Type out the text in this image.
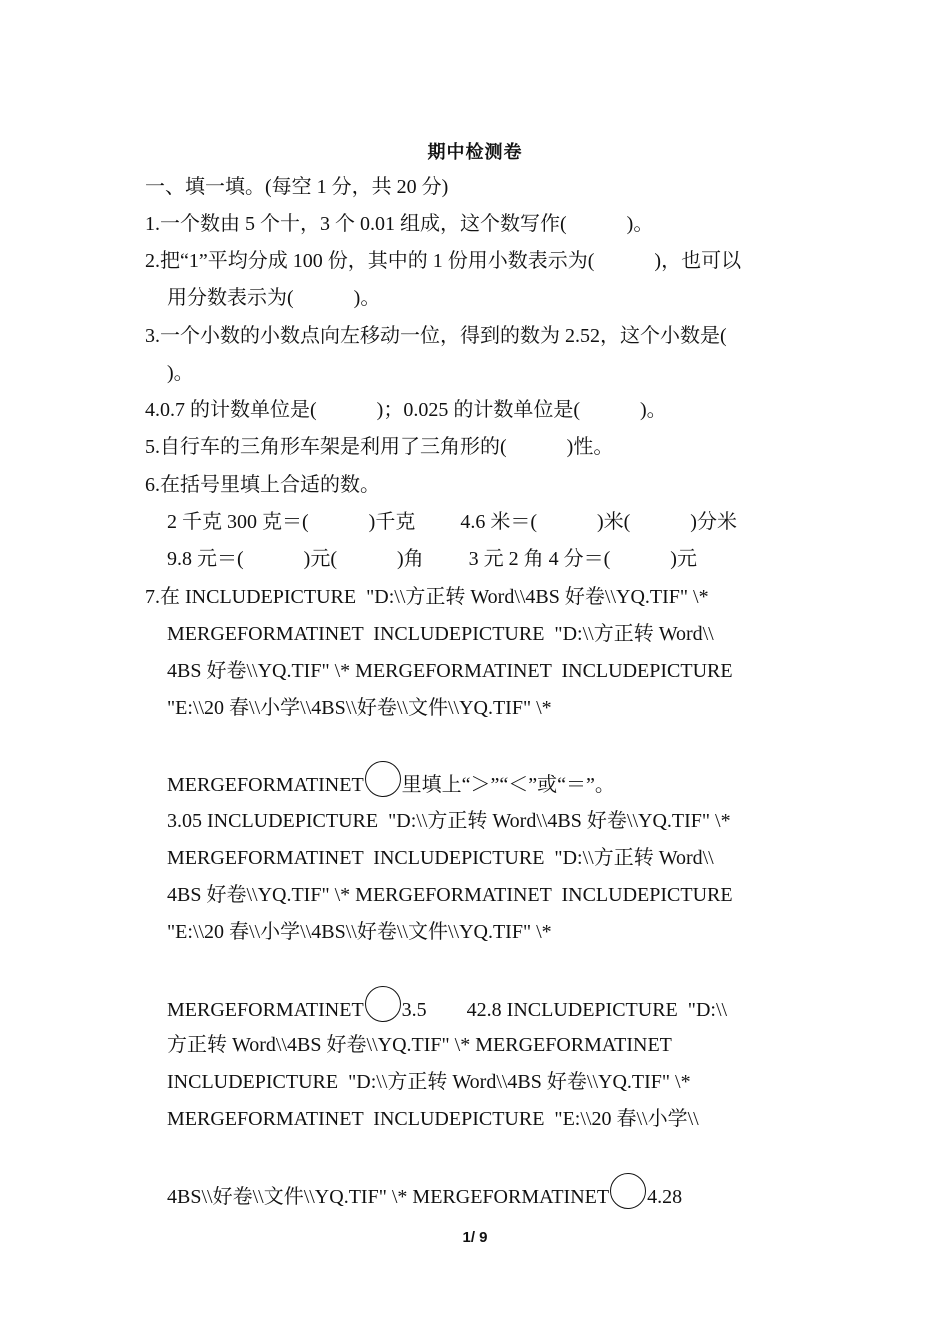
期中检测卷
一、填一填。(每空 1 分，共 20 分)
1.一个数由 5 个十，3 个 0.01 组成，这个数写作(            )。
2.把“1”平均分成 100 份，其中的 1 份用小数表示为(            )，也可以
用分数表示为(            )。
3.一个小数的小数点向左移动一位，得到的数为 2.52，这个小数是(
)。
4.0.7 的计数单位是(            )；0.025 的计数单位是(            )。
5.自行车的三角形车架是利用了三角形的(            )性。
6.在括号里填上合适的数。
2 千克 300 克＝(            )千克         4.6 米＝(            )米(            )分米
9.8 元＝(            )元(            )角         3 元 2 角 4 分＝(            )元
7.在 INCLUDEPICTURE  "D:\\方正转 Word\\4BS 好卷\\YQ.TIF" \*
MERGEFORMATINET  INCLUDEPICTURE  "D:\\方正转 Word\\
4BS 好卷\\YQ.TIF" \* MERGEFORMATINET  INCLUDEPICTURE
"E:\\20 春\\小学\\4BS\\好卷\\文件\\YQ.TIF" \*
MERGEFORMATINET 里填上“＞”“＜”或“＝”。
3.05 INCLUDEPICTURE  "D:\\方正转 Word\\4BS 好卷\\YQ.TIF" \*
MERGEFORMATINET  INCLUDEPICTURE  "D:\\方正转 Word\\
4BS 好卷\\YQ.TIF" \* MERGEFORMATINET  INCLUDEPICTURE
"E:\\20 春\\小学\\4BS\\好卷\\文件\\YQ.TIF" \*
MERGEFORMATINET 3.5        42.8 INCLUDEPICTURE  "D:\\
方正转 Word\\4BS 好卷\\YQ.TIF" \* MERGEFORMATINET
INCLUDEPICTURE  "D:\\方正转 Word\\4BS 好卷\\YQ.TIF" \*
MERGEFORMATINET  INCLUDEPICTURE  "E:\\20 春\\小学\\
4BS\\好卷\\文件\\YQ.TIF" \* MERGEFORMATINET 4.28
1/ 9
